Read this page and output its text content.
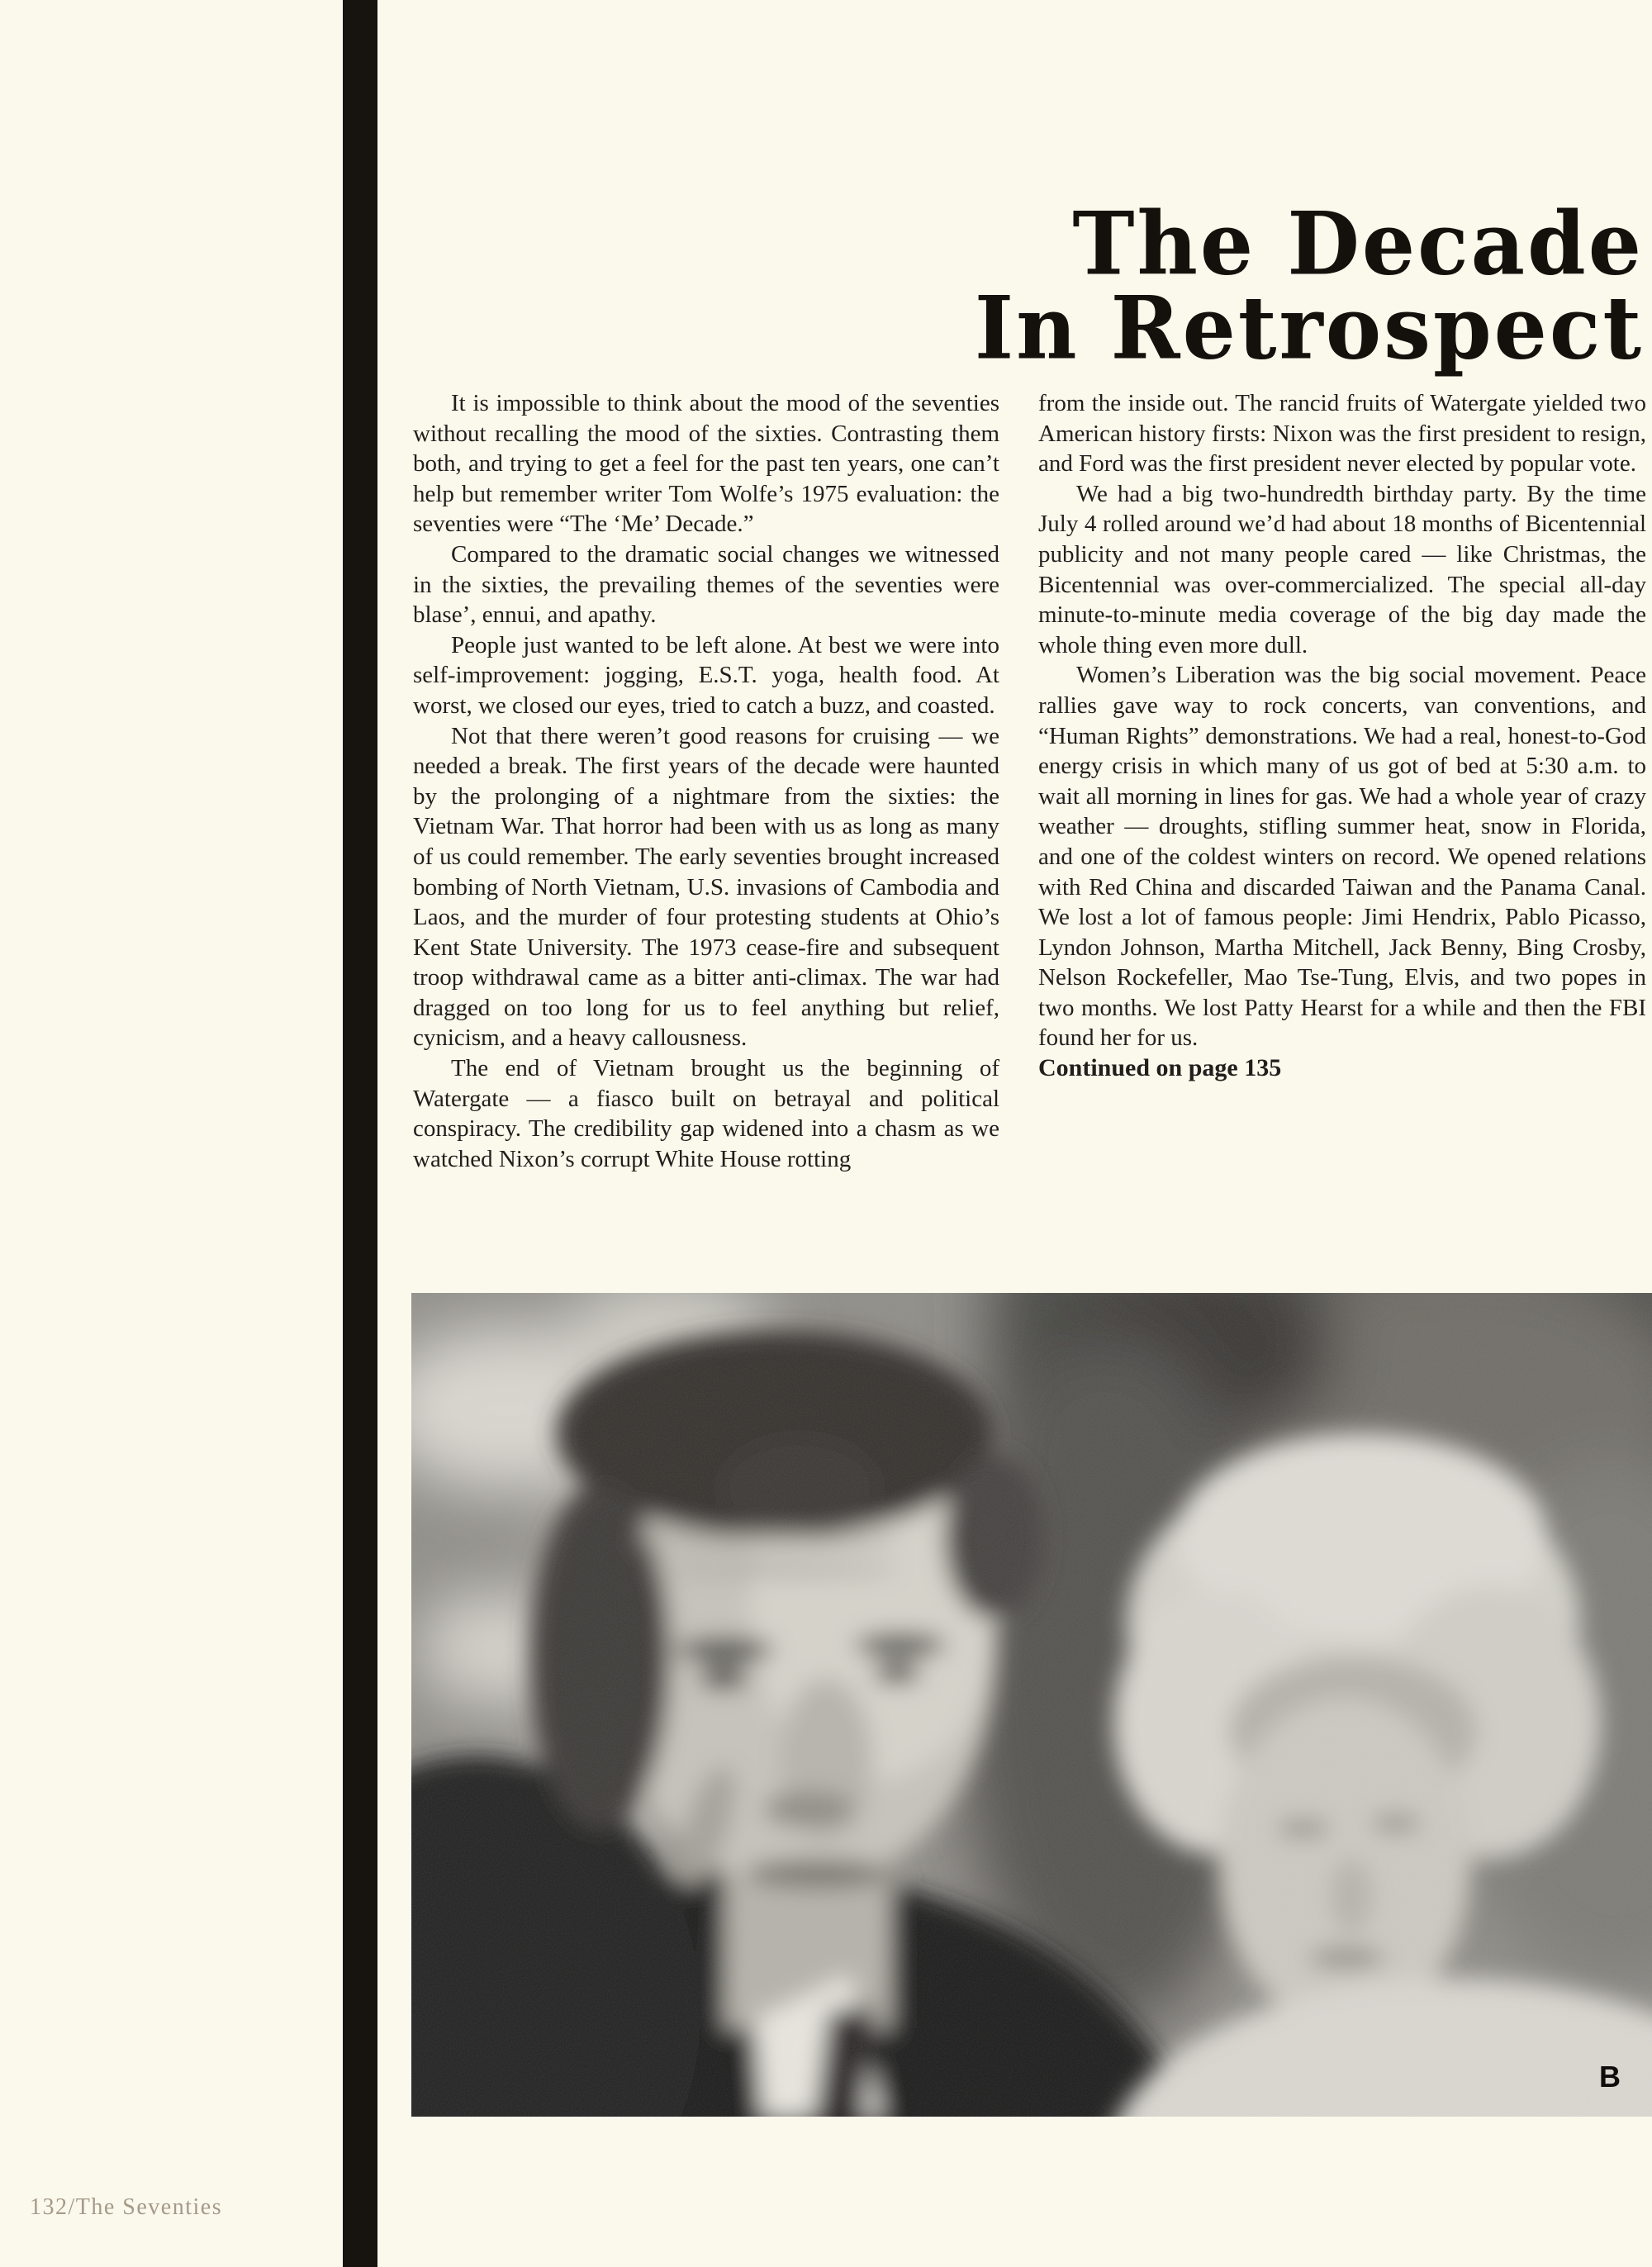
The Decade
In Retrospect

It is impossible to think about the mood of the seventies without recalling the mood of the sixties. Contrasting them both, and trying to get a feel for the past ten years, one can’t help but remember writer Tom Wolfe’s 1975 evaluation: the seventies were “The ‘Me’ Decade.”

Compared to the dramatic social changes we witnessed in the sixties, the prevailing themes of the seventies were blase’, ennui, and apathy.

People just wanted to be left alone. At best we were into self-improvement: jogging, E.S.T. yoga, health food. At worst, we closed our eyes, tried to catch a buzz, and coasted.

Not that there weren’t good reasons for cruising — we needed a break. The first years of the decade were haunted by the prolonging of a nightmare from the sixties: the Vietnam War. That horror had been with us as long as many of us could remember. The early seventies brought increased bombing of North Vietnam, U.S. invasions of Cambodia and Laos, and the murder of four protesting students at Ohio’s Kent State University. The 1973 cease-fire and subsequent troop withdrawal came as a bitter anti-climax. The war had dragged on too long for us to feel anything but relief, cynicism, and a heavy callousness.

The end of Vietnam brought us the beginning of Watergate — a fiasco built on betrayal and political conspiracy. The credibility gap widened into a chasm as we watched Nixon’s corrupt White House rotting

from the inside out. The rancid fruits of Watergate yielded two American history firsts: Nixon was the first president to resign, and Ford was the first president never elected by popular vote.

We had a big two-hundredth birthday party. By the time July 4 rolled around we’d had about 18 months of Bicentennial publicity and not many people cared — like Christmas, the Bicentennial was over-commercialized. The special all-day minute-to-minute media coverage of the big day made the whole thing even more dull.

Women’s Liberation was the big social movement. Peace rallies gave way to rock concerts, van conventions, and “Human Rights” demonstrations. We had a real, honest-to-God energy crisis in which many of us got of bed at 5:30 a.m. to wait all morning in lines for gas. We had a whole year of crazy weather — droughts, stifling summer heat, snow in Florida, and one of the coldest winters on record. We opened relations with Red China and discarded Taiwan and the Panama Canal. We lost a lot of famous people: Jimi Hendrix, Pablo Picasso, Lyndon Johnson, Martha Mitchell, Jack Benny, Bing Crosby, Nelson Rockefeller, Mao Tse-Tung, Elvis, and two popes in two months. We lost Patty Hearst for a while and then the FBI found her for us.

Continued on page 135

B
132/The Seventies
